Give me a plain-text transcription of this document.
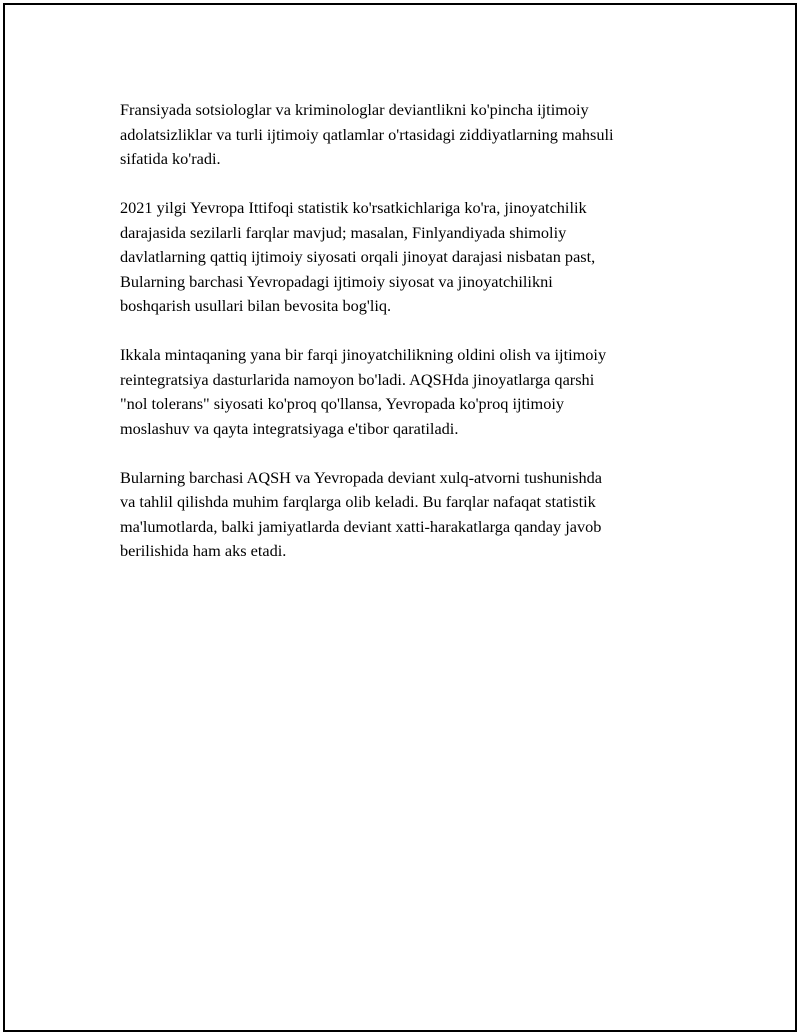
Fransiyada sotsiologlar va kriminologlar deviantlikni ko'pincha ijtimoiy
adolatsizliklar va turli ijtimoiy qatlamlar o'rtasidagi ziddiyatlarning mahsuli
sifatida ko'radi.

2021 yilgi Yevropa Ittifoqi statistik ko'rsatkichlariga ko'ra, jinoyatchilik
darajasida sezilarli farqlar mavjud; masalan, Finlyandiyada shimoliy
davlatlarning qattiq ijtimoiy siyosati orqali jinoyat darajasi nisbatan past,
Bularning barchasi Yevropadagi ijtimoiy siyosat va jinoyatchilikni
boshqarish usullari bilan bevosita bog'liq.

Ikkala mintaqaning yana bir farqi jinoyatchilikning oldini olish va ijtimoiy
reintegratsiya dasturlarida namoyon bo'ladi. AQSHda jinoyatlarga qarshi
"nol tolerans" siyosati ko'proq qo'llansa, Yevropada ko'proq ijtimoiy
moslashuv va qayta integratsiyaga e'tibor qaratiladi.

Bularning barchasi AQSH va Yevropada deviant xulq-atvorni tushunishda
va tahlil qilishda muhim farqlarga olib keladi. Bu farqlar nafaqat statistik
ma'lumotlarda, balki jamiyatlarda deviant xatti-harakatlarga qanday javob
berilishida ham aks etadi.
